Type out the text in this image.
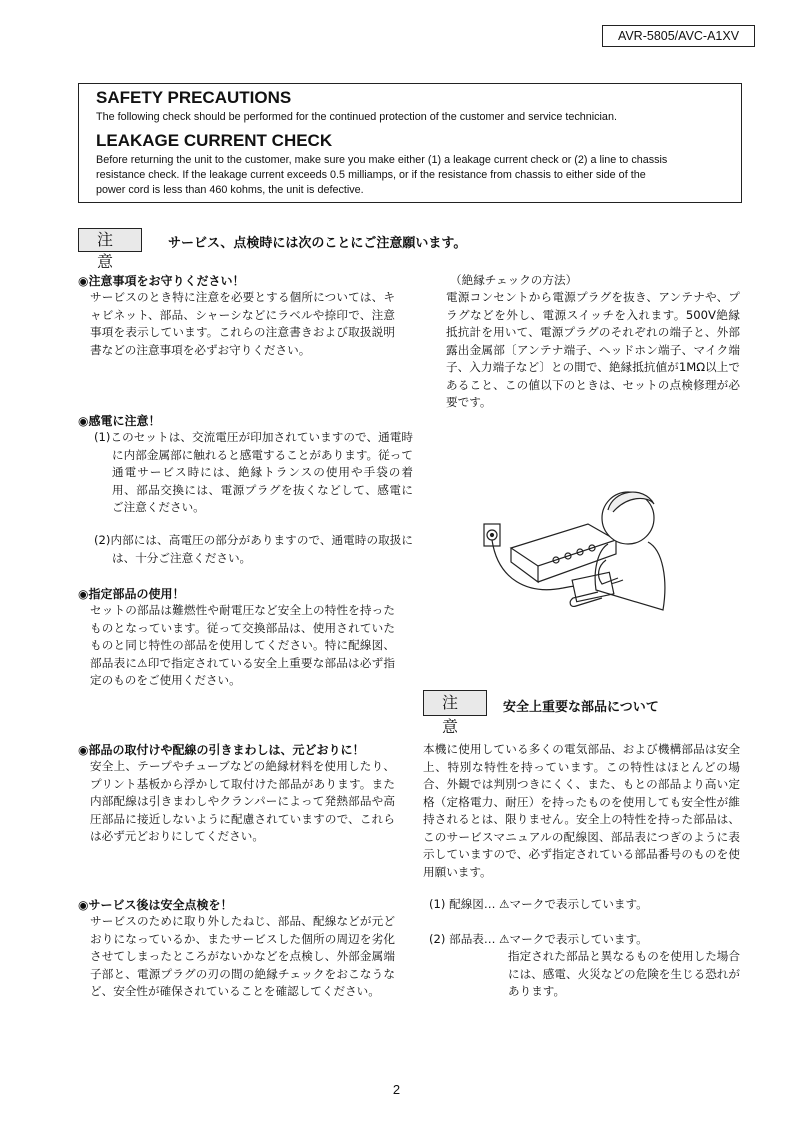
AVR-5805/AVC-A1XV
SAFETY PRECAUTIONS
The following check should be performed for the continued protection of the customer and service technician.
LEAKAGE CURRENT CHECK
Before returning the unit to the customer, make sure you make either (1) a leakage current check or (2) a line to chassis
resistance check. If the leakage current exceeds 0.5 milliamps, or if the resistance from chassis to either side of the
power cord is less than 460 kohms, the unit is defective.
注 意
サービス、点検時には次のことにご注意願います。
◉注意事項をお守りください！
サービスのとき特に注意を必要とする個所については、キャビネット、部品、シャーシなどにラベルや捺印で、注意事項を表示しています。これらの注意書きおよび取扱説明書などの注意事項を必ずお守りください。
◉感電に注意！
(1)このセットは、交流電圧が印加されていますので、通電時に内部金属部に触れると感電することがあります。従って通電サービス時には、絶縁トランスの使用や手袋の着用、部品交換には、電源プラグを抜くなどして、感電にご注意ください。
(2)内部には、高電圧の部分がありますので、通電時の取扱には、十分ご注意ください。
◉指定部品の使用！
セットの部品は難燃性や耐電圧など安全上の特性を持ったものとなっています。従って交換部品は、使用されていたものと同じ特性の部品を使用してください。特に配線図、部品表に⚠印で指定されている安全上重要な部品は必ず指定のものをご使用ください。
◉部品の取付けや配線の引きまわしは、元どおりに！
安全上、テープやチューブなどの絶縁材料を使用したり、プリント基板から浮かして取付けた部品があります。また内部配線は引きまわしやクランパーによって発熱部品や高圧部品に接近しないように配慮されていますので、これらは必ず元どおりにしてください。
◉サービス後は安全点検を！
サービスのために取り外したねじ、部品、配線などが元どおりになっているか、またサービスした個所の周辺を劣化させてしまったところがないかなどを点検し、外部金属端子部と、電源プラグの刃の間の絶縁チェックをおこなうなど、安全性が確保されていることを確認してください。
（絶縁チェックの方法）
電源コンセントから電源プラグを抜き、アンテナや、プラグなどを外し、電源スイッチを入れます。500V絶縁抵抗計を用いて、電源プラグのそれぞれの端子と、外部露出金属部〔アンテナ端子、ヘッドホン端子、マイク端子、入力端子など〕との間で、絶縁抵抗値が1MΩ以上であること、この値以下のときは、セットの点検修理が必要です。
注 意
安全上重要な部品について
本機に使用している多くの電気部品、および機構部品は安全上、特別な特性を持っています。この特性はほとんどの場合、外観では判別つきにくく、また、もとの部品より高い定格（定格電力、耐圧）を持ったものを使用しても安全性が維持されるとは、限りません。安全上の特性を持った部品は、このサービスマニュアルの配線図、部品表につぎのように表示していますので、必ず指定されている部品番号のものを使用願います。
(1) 配線図… ⚠マークで表示しています。
(2) 部品表… ⚠マークで表示しています。
指定された部品と異なるものを使用した場合には、感電、火災などの危険を生じる恐れがあります。
2
